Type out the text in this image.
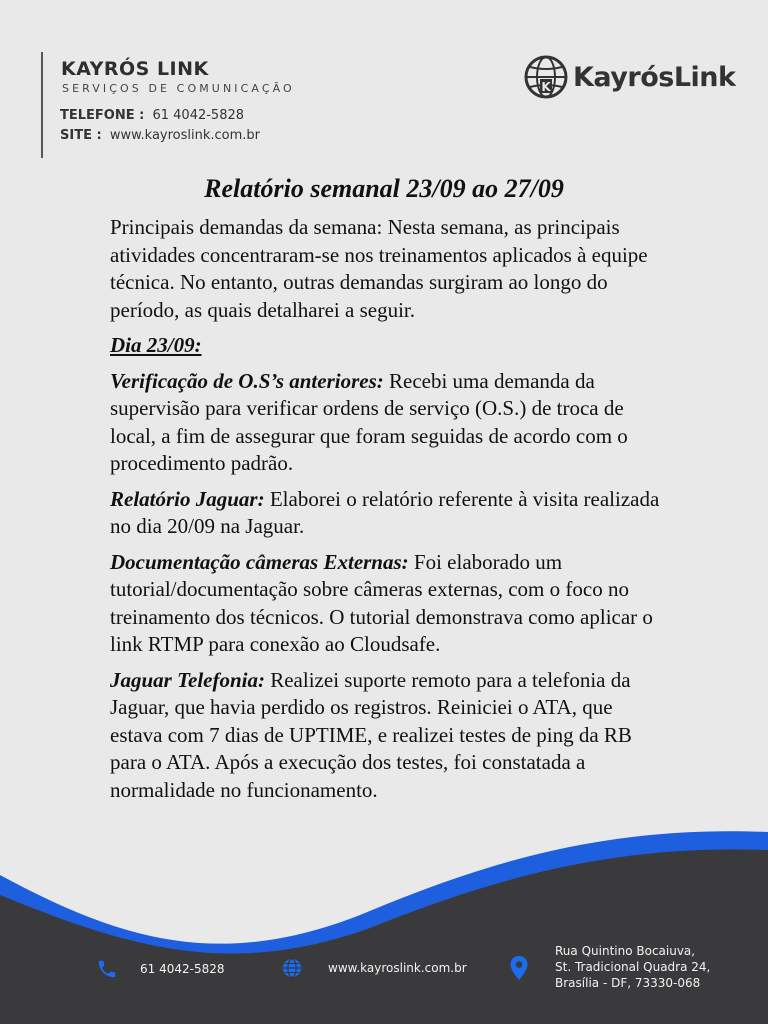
KAYRÓS LINK
SERVIÇOS DE COMUNICAÇÃO
TELEFONE : 61 4042-5828
SITE : www.kayroslink.com.br
K KayrósLink
Relatório semanal 23/09 ao 27/09

Principais demandas da semana: Nesta semana, as principais atividades concentraram-se nos treinamentos aplicados à equipe técnica. No entanto, outras demandas surgiram ao longo do período, as quais detalharei a seguir.

Dia 23/09:

Verificação de O.S’s anteriores: Recebi uma demanda da supervisão para verificar ordens de serviço (O.S.) de troca de local, a fim de assegurar que foram seguidas de acordo com o procedimento padrão.

Relatório Jaguar: Elaborei o relatório referente à visita realizada no dia 20/09 na Jaguar.

Documentação câmeras Externas: Foi elaborado um tutorial/documentação sobre câmeras externas, com o foco no treinamento dos técnicos. O tutorial demonstrava como aplicar o link RTMP para conexão ao Cloudsafe.

Jaguar Telefonia: Realizei suporte remoto para a telefonia da Jaguar, que havia perdido os registros. Reiniciei o ATA, que estava com 7 dias de UPTIME, e realizei testes de ping da RB para o ATA. Após a execução dos testes, foi constatada a normalidade no funcionamento.

61 4042-5828	www.kayroslink.com.br
Rua Quintino Bocaiuva,
St. Tradicional Quadra 24,
Brasília - DF, 73330-068
